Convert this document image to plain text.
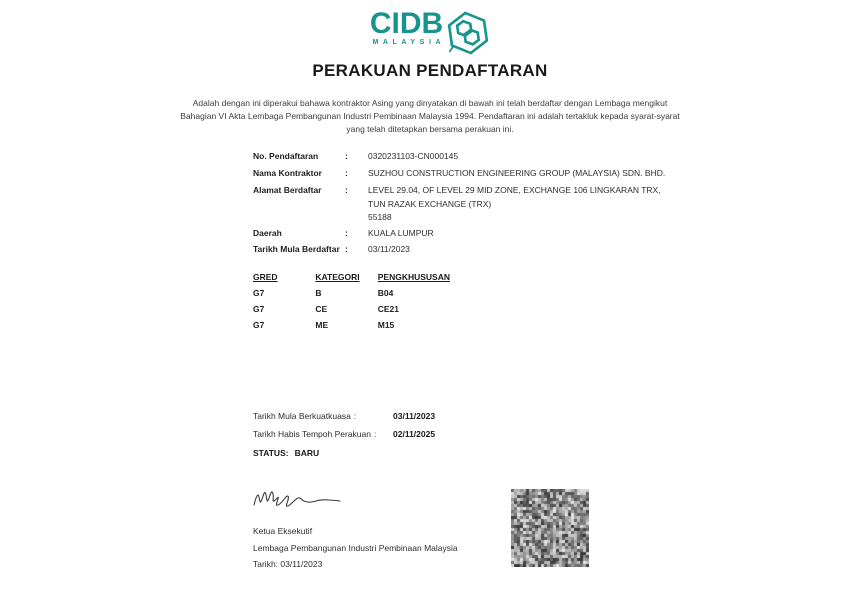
CIDB
MALAYSIA
PERAKUAN PENDAFTARAN
Adalah dengan ini diperakui bahawa kontraktor Asing yang dinyatakan di bawah ini telah berdaftar dengan Lembaga mengikut Bahagian VI Akta Lembaga Pembangunan Industri Pembinaan Malaysia 1994. Pendaftaran ini adalah tertakluk kepada syarat-syarat yang telah ditetapkan bersama perakuan ini.
No. Pendaftaran	:	0320231103-CN000145
Nama Kontraktor	:	SUZHOU CONSTRUCTION ENGINEERING GROUP (MALAYSIA) SDN. BHD.
Alamat Berdaftar	:	LEVEL 29.04, OF LEVEL 29 MID ZONE, EXCHANGE 106 LINGKARAN TRX,
TUN RAZAK EXCHANGE (TRX)
55188
Daerah	:	KUALA LUMPUR
Tarikh Mula Berdaftar :	03/11/2023
GRED	KATEGORI PENGKHUSUSAN
G7	B	B04
G7	CE	CE21
G7	ME	M15
Tarikh Mula Berkuatkuasa :	03/11/2023
Tarikh Habis Tempoh Perakuan : 02/11/2025
STATUS: BARU
Ketua Eksekutif
Lembaga Pembangunan Industri Pembinaan Malaysia
Tarikh: 03/11/2023
